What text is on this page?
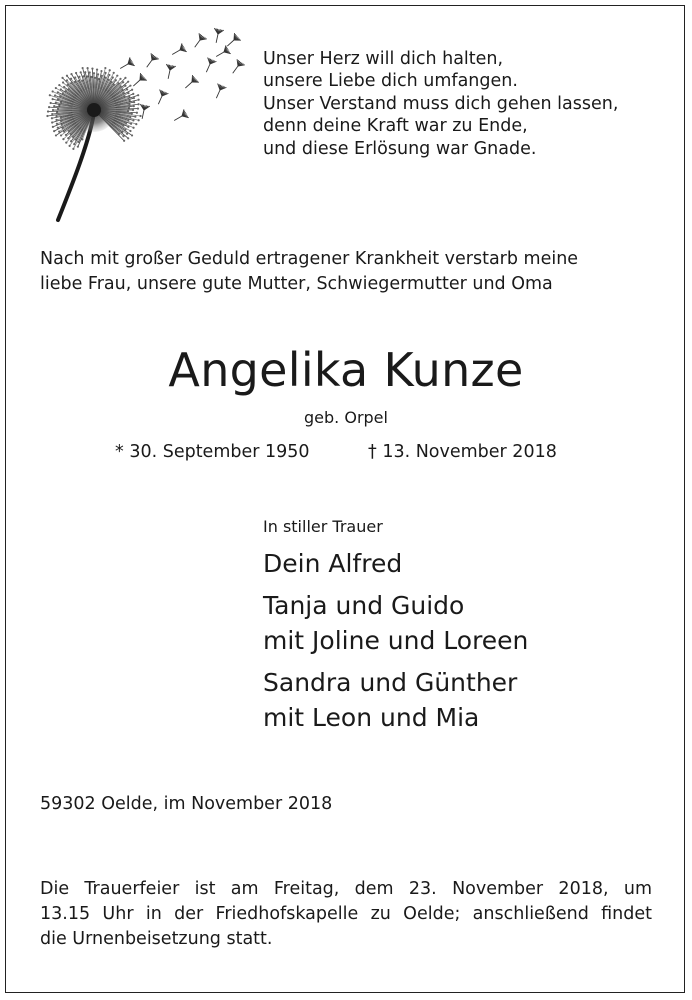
Unser Herz will dich halten,
unsere Liebe dich umfangen.
Unser Verstand muss dich gehen lassen,
denn deine Kraft war zu Ende,
und diese Erlösung war Gnade.
Nach mit großer Geduld ertragener Krankheit verstarb meine
liebe Frau, unsere gute Mutter, Schwiegermutter und Oma
Angelika Kunze
geb. Orpel
* 30. September 1950	† 13. November 2018
In stiller Trauer
Dein Alfred
Tanja und Guido
mit Joline und Loreen
Sandra und Günther
mit Leon und Mia
59302 Oelde, im November 2018
Die Trauerfeier ist am Freitag, dem 23. November 2018, um
13.15 Uhr in der Friedhofskapelle zu Oelde; anschließend findet
die Urnenbeisetzung statt.
